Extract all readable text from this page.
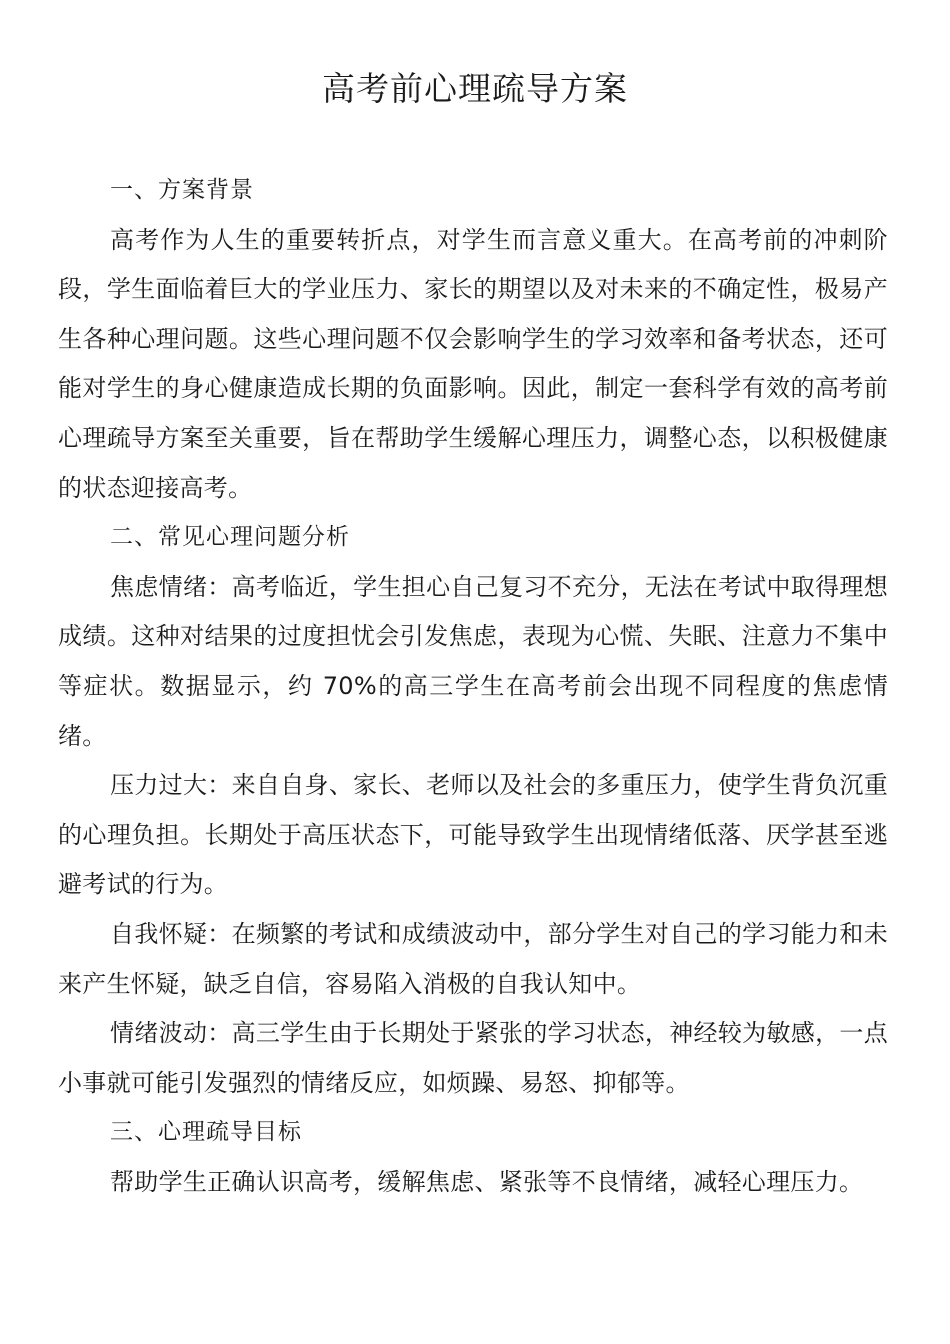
高考前心理疏导方案

一、方案背景

高考作为人生的重要转折点，对学生而言意义重大。在高考前的冲刺阶段，学生面临着巨大的学业压力、家长的期望以及对未来的不确定性，极易产生各种心理问题。这些心理问题不仅会影响学生的学习效率和备考状态，还可能对学生的身心健康造成长期的负面影响。因此，制定一套科学有效的高考前心理疏导方案至关重要，旨在帮助学生缓解心理压力，调整心态，以积极健康的状态迎接高考。

二、常见心理问题分析

焦虑情绪：高考临近，学生担心自己复习不充分，无法在考试中取得理想成绩。这种对结果的过度担忧会引发焦虑，表现为心慌、失眠、注意力不集中等症状。数据显示，约 70%的高三学生在高考前会出现不同程度的焦虑情绪。

压力过大：来自自身、家长、老师以及社会的多重压力，使学生背负沉重的心理负担。长期处于高压状态下，可能导致学生出现情绪低落、厌学甚至逃避考试的行为。

自我怀疑：在频繁的考试和成绩波动中，部分学生对自己的学习能力和未来产生怀疑，缺乏自信，容易陷入消极的自我认知中。

情绪波动：高三学生由于长期处于紧张的学习状态，神经较为敏感，一点小事就可能引发强烈的情绪反应，如烦躁、易怒、抑郁等。

三、心理疏导目标

帮助学生正确认识高考，缓解焦虑、紧张等不良情绪，减轻心理压力。
